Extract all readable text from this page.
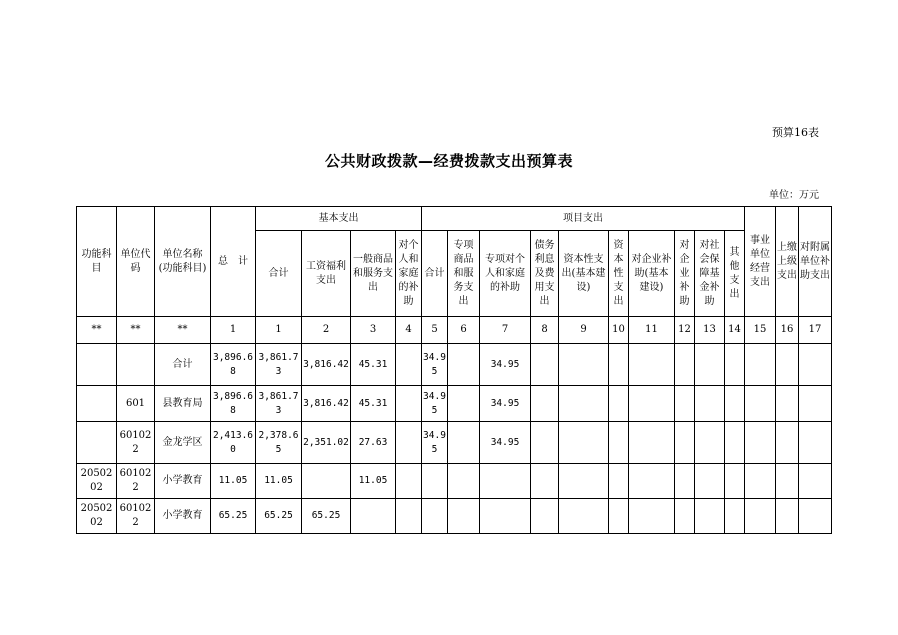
预算16表
公共财政拨款—经费拨款支出预算表
单位：万元
功能科目	单位代码	单位名称(功能科目)	总　计	基本支出				项目支出										事业单位经营支出	上缴上级支出	对附属单位补助支出
				合计	工资福利支出	一般商品和服务支出	对个人和家庭的补助	合计	专项商品和服务支出	专项对个人和家庭的补助	债务利息及费用支出	资本性支出(基本建设)	资本性支出	对企业补助(基本建设)	对企业补助	对社会保障基金补助	其他支出			
**	**	**	1	1	2	3	4	5	6	7	8	9	10	11	12	13	14	15	16	17
		合计	3,896.68	3,861.73	3,816.42	45.31		34.95		34.95										
	601	县教育局	3,896.68	3,861.73	3,816.42	45.31		34.95		34.95										
	601022	金龙学区	2,413.60	2,378.65	2,351.02	27.63		34.95		34.95										
2050202	601022	小学教育	11.05	11.05		11.05														
2050202	601022	小学教育	65.25	65.25	65.25															
